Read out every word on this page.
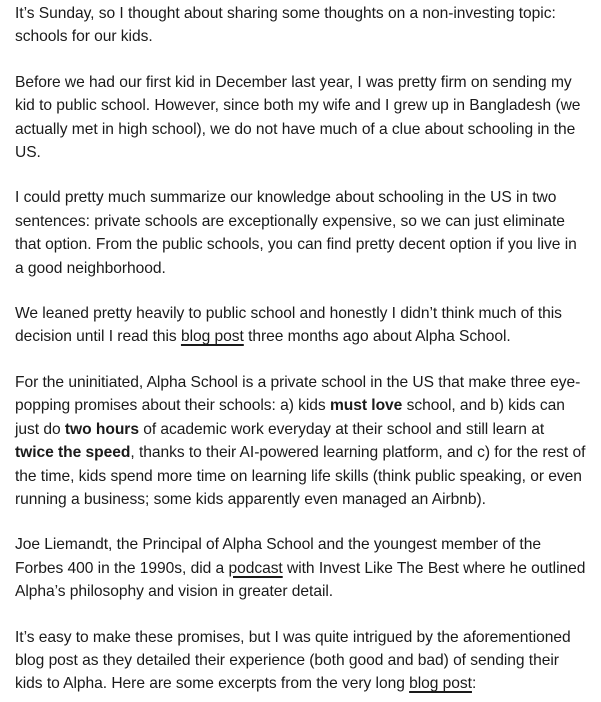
It’s Sunday, so I thought about sharing some thoughts on a non-investing topic: schools for our kids.

Before we had our first kid in December last year, I was pretty firm on sending my kid to public school. However, since both my wife and I grew up in Bangladesh (we actually met in high school), we do not have much of a clue about schooling in the US.

I could pretty much summarize our knowledge about schooling in the US in two sentences: private schools are exceptionally expensive, so we can just eliminate that option. From the public schools, you can find pretty decent option if you live in a good neighborhood.

We leaned pretty heavily to public school and honestly I didn’t think much of this decision until I read this blog post three months ago about Alpha School.

For the uninitiated, Alpha School is a private school in the US that make three eye-popping promises about their schools: a) kids must love school, and b) kids can just do two hours of academic work everyday at their school and still learn at twice the speed, thanks to their AI-powered learning platform, and c) for the rest of the time, kids spend more time on learning life skills (think public speaking, or even running a business; some kids apparently even managed an Airbnb).

Joe Liemandt, the Principal of Alpha School and the youngest member of the Forbes 400 in the 1990s, did a podcast with Invest Like The Best where he outlined Alpha’s philosophy and vision in greater detail.

It’s easy to make these promises, but I was quite intrigued by the aforementioned blog post as they detailed their experience (both good and bad) of sending their kids to Alpha. Here are some excerpts from the very long blog post:
